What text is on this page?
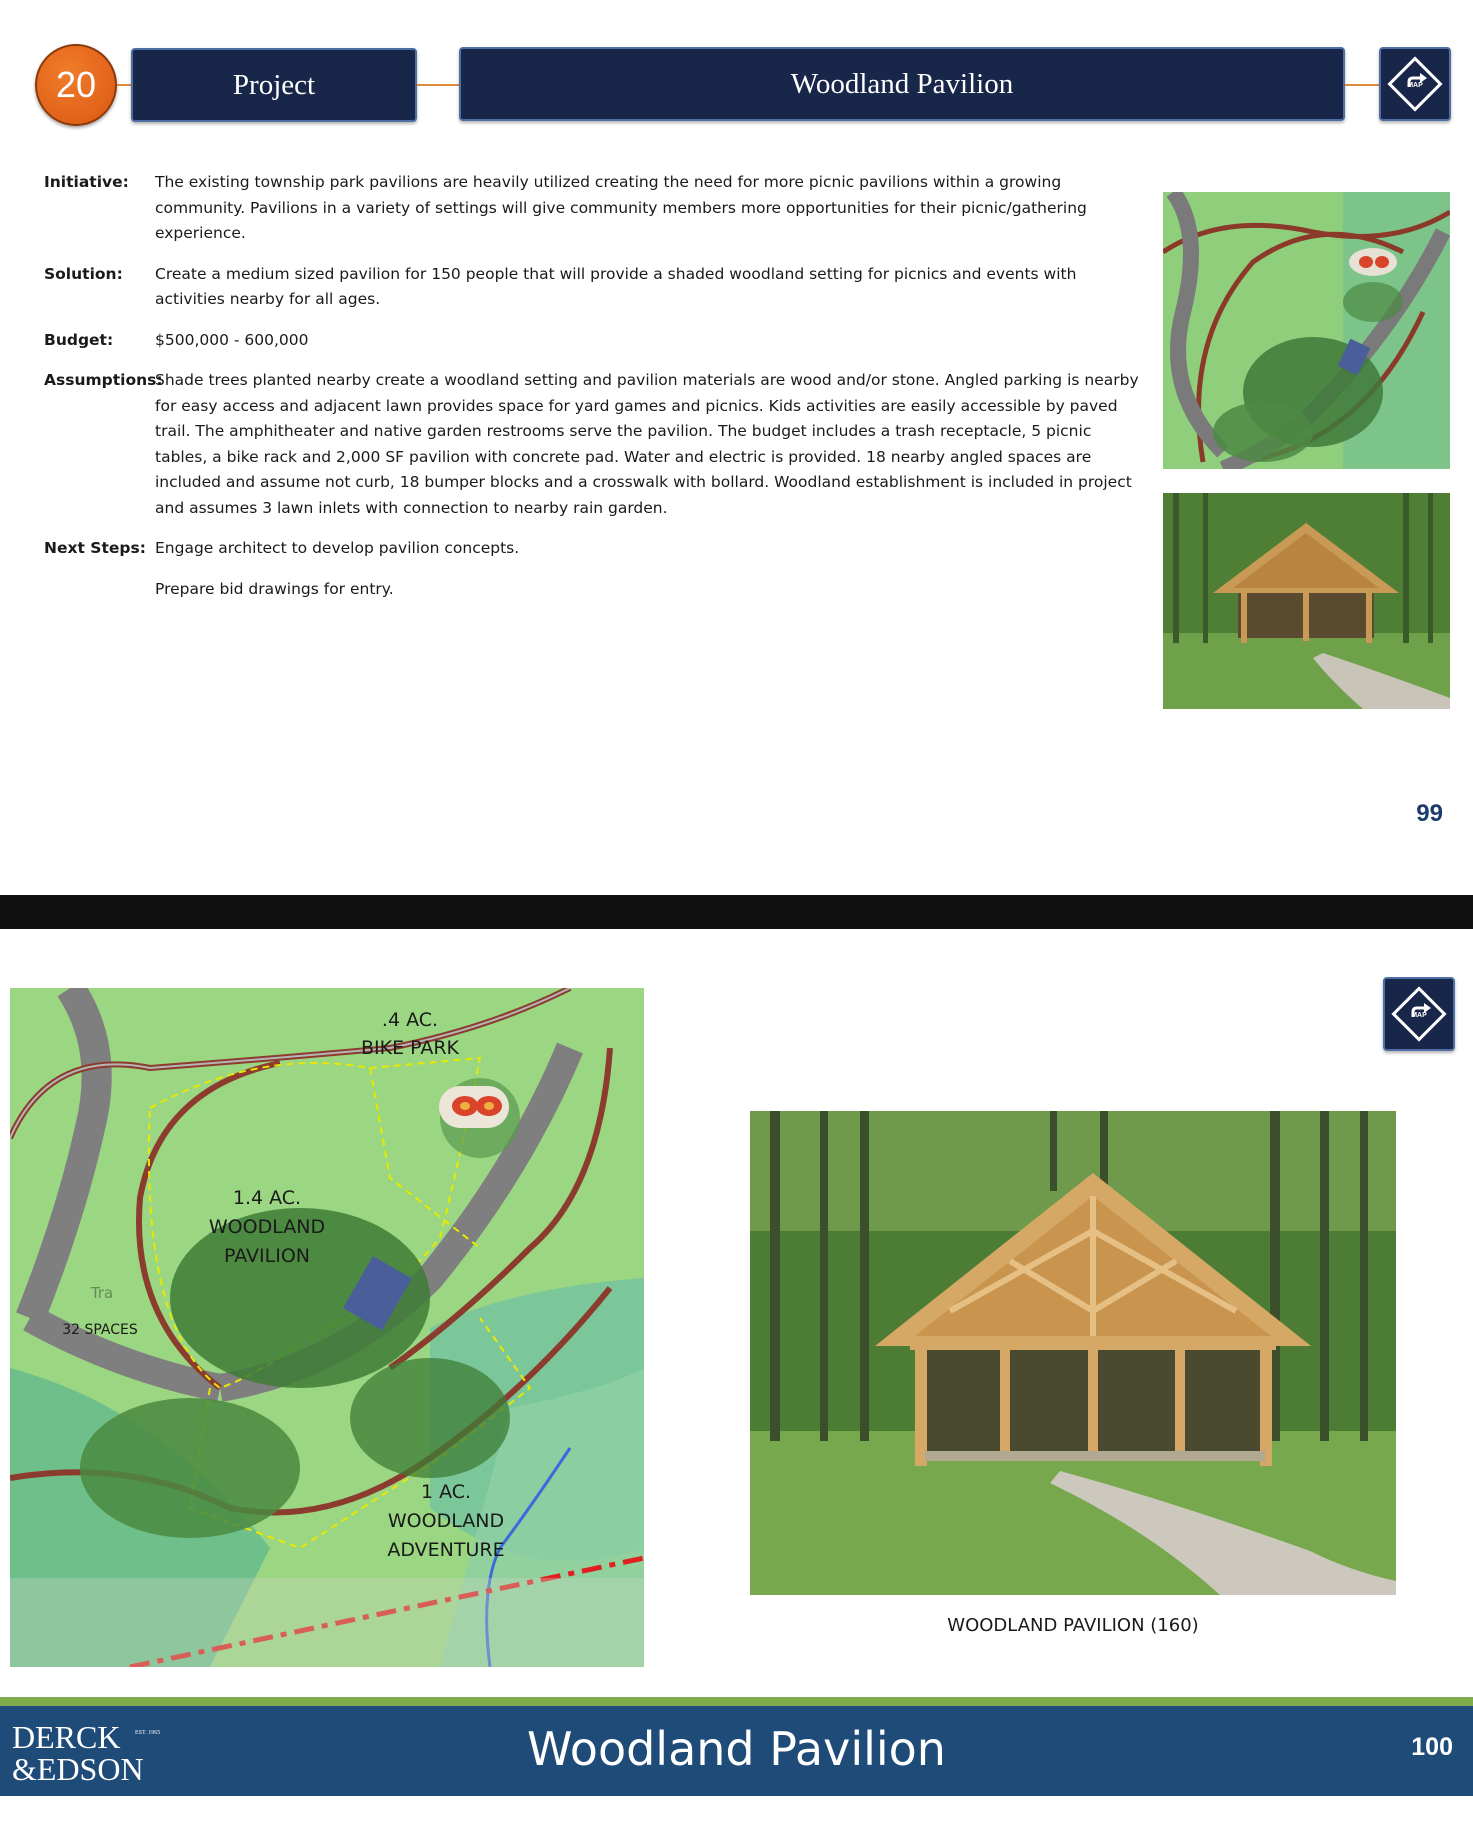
20	Project	Woodland Pavilion	MAP
Initiative:	The existing township park pavilions are heavily utilized creating the need for more picnic pavilions within a growing community. Pavilions in a variety of settings will give community members more opportunities for their picnic/gathering experience.
Solution:	Create a medium sized pavilion for 150 people that will provide a shaded woodland setting for picnics and events with activities nearby for all ages.
Budget:	$500,000 - 600,000
Assumptions:
Shade trees planted nearby create a woodland setting and pavilion materials are wood and/or stone. Angled parking is nearby for easy access and adjacent lawn provides space for yard games and picnics. Kids activities are easily accessible by paved trail. The amphitheater and native garden restrooms serve the pavilion. The budget includes a trash receptacle, 5 picnic tables, a bike rack and 2,000 SF pavilion with concrete pad. Water and electric is provided. 18 nearby angled spaces are included and assume not curb, 18 bumper blocks and a crosswalk with bollard. Woodland establishment is included in project and assumes 3 lawn inlets with connection to nearby rain garden.
Next Steps: Engage architect to develop pavilion concepts.
Prepare bid drawings for entry.
99
.4 AC.
BIKE PARK
1.4 AC.
WOODLAND
PAVILION
32 SPACES
1 AC.
WOODLAND
ADVENTURE
Tra
MAP
WOODLAND PAVILION (160)
DERCK
&EDSON
EST. 1965	Woodland Pavilion	100
